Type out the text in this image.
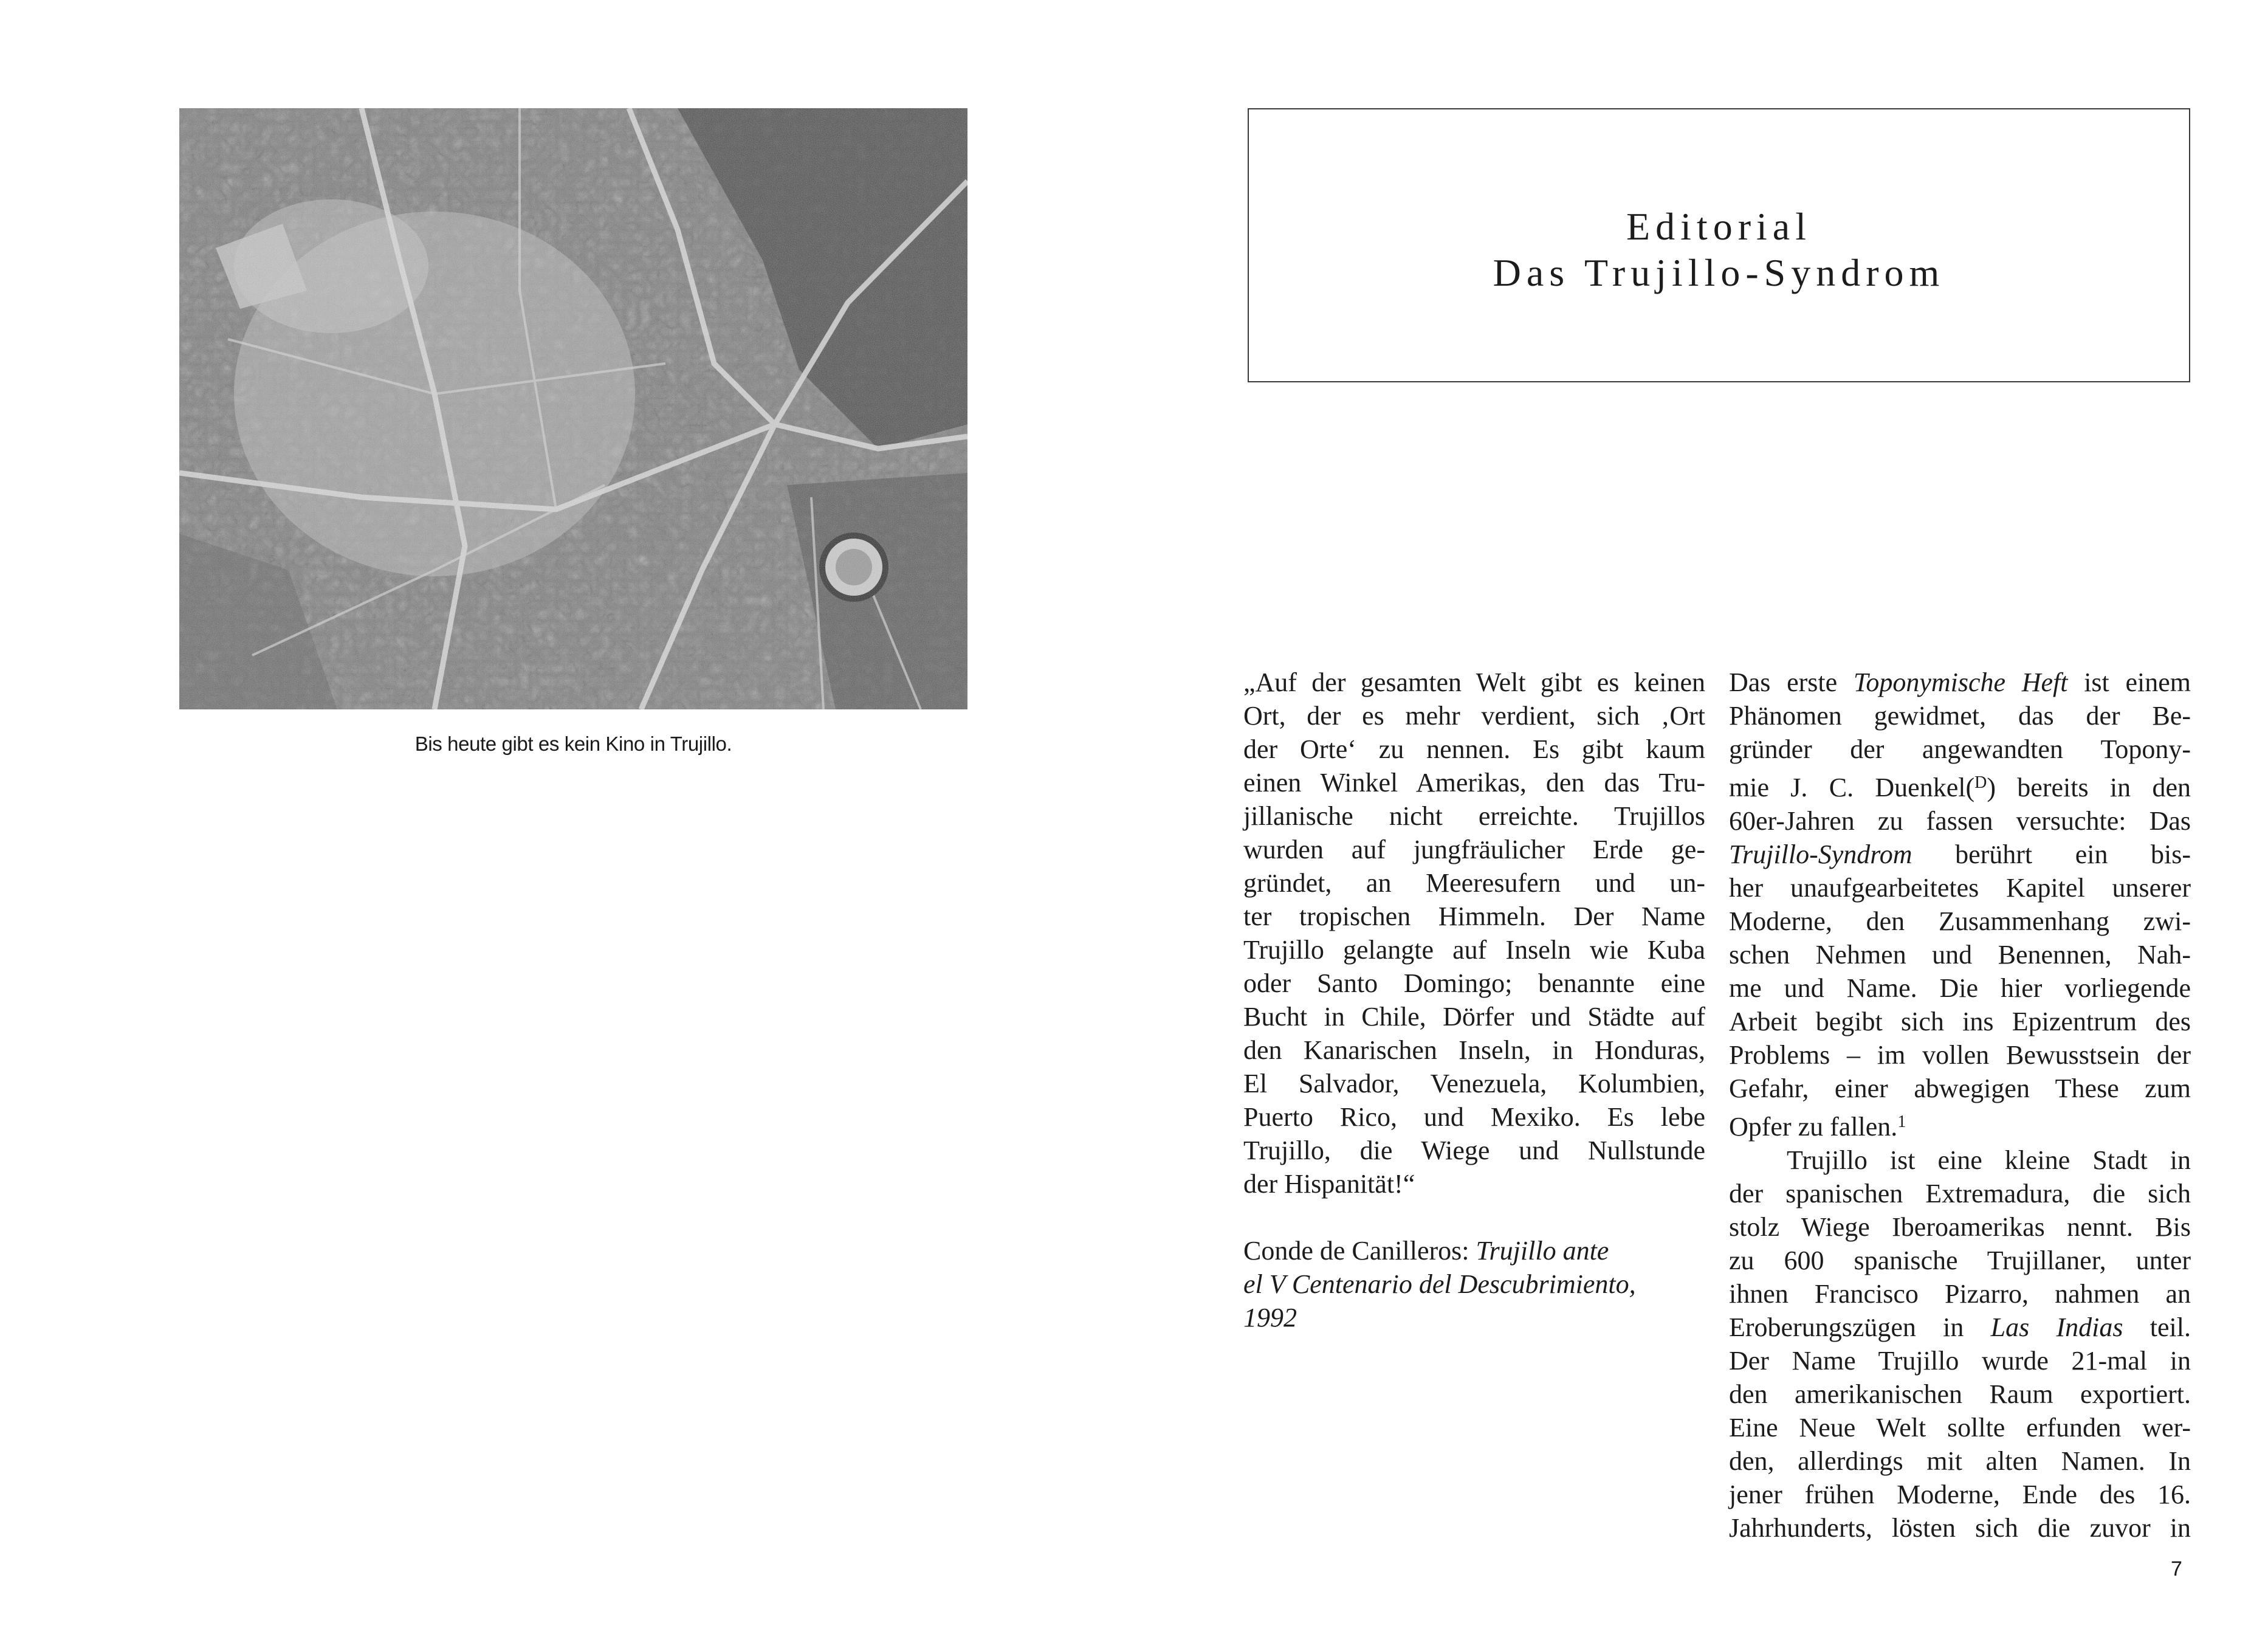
Bis heute gibt es kein Kino in Trujillo.
Editorial
Das Trujillo-Syndrom
„Auf der gesamten Welt gibt es keinen
Ort, der es mehr verdient, sich ‚Ort
der Orte‘ zu nennen. Es gibt kaum
einen Winkel Amerikas, den das Tru-
jillanische nicht erreichte. Trujillos
wurden auf jungfräulicher Erde ge-
gründet, an Meeresufern und un-
ter tropischen Himmeln. Der Name
Trujillo gelangte auf Inseln wie Kuba
oder Santo Domingo; benannte eine
Bucht in Chile, Dörfer und Städte auf
den Kanarischen Inseln, in Honduras,
El Salvador, Venezuela, Kolumbien,
Puerto Rico, und Mexiko. Es lebe
Trujillo, die Wiege und Nullstunde
der Hispanität!“
Conde de Canilleros: Trujillo ante
el V Centenario del Descubrimiento,
1992
Das erste Toponymische Heft ist einem
Phänomen gewidmet, das der Be-
gründer der angewandten Topony-
mie J. C. Duenkel($^D$) bereits in den
60er-Jahren zu fassen versuchte: Das
Trujillo-Syndrom berührt ein bis-
her unaufgearbeitetes Kapitel unserer
Moderne, den Zusammenhang zwi-
schen Nehmen und Benennen, Nah-
me und Name. Die hier vorliegende
Arbeit begibt sich ins Epizentrum des
Problems – im vollen Bewusstsein der
Gefahr, einer abwegigen These zum
Opfer zu fallen.$^1$
Trujillo ist eine kleine Stadt in
der spanischen Extremadura, die sich
stolz Wiege Iberoamerikas nennt. Bis
zu 600 spanische Trujillaner, unter
ihnen Francisco Pizarro, nahmen an
Eroberungszügen in Las Indias teil.
Der Name Trujillo wurde 21-mal in
den amerikanischen Raum exportiert.
Eine Neue Welt sollte erfunden wer-
den, allerdings mit alten Namen. In
jener frühen Moderne, Ende des 16.
Jahrhunderts, lösten sich die zuvor in
7
